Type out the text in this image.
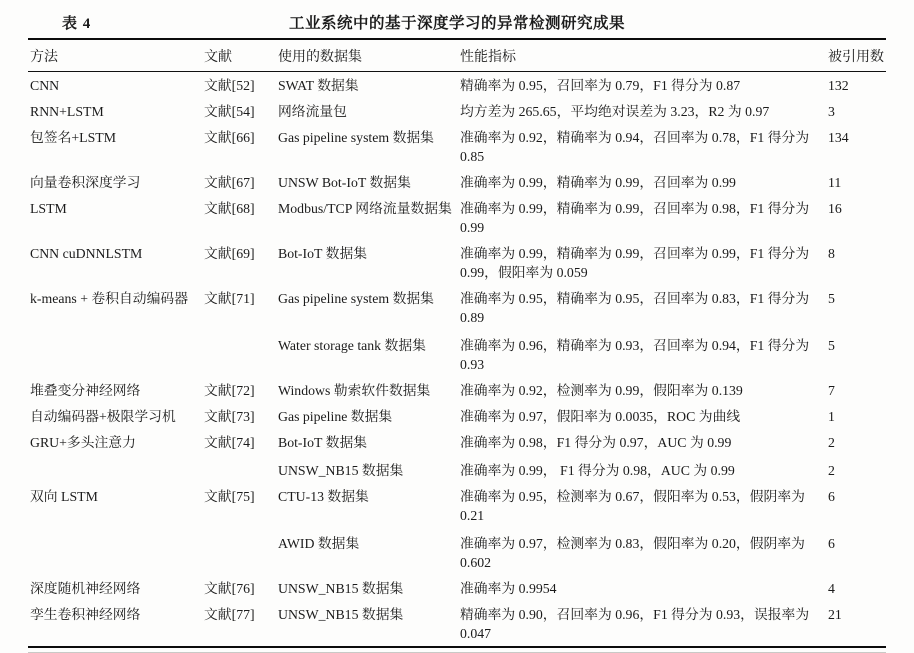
表 4	工业系统中的基于深度学习的异常检测研究成果
方法	文献	使用的数据集	性能指标	被引用数
CNN	文献[52]	SWAT 数据集	精确率为 0.95，召回率为 0.79，F1 得分为 0.87	132
RNN+LSTM	文献[54]	网络流量包	均方差为 265.65，平均绝对误差为 3.23，R2 为 0.97	3
包签名+LSTM	文献[66]	Gas pipeline system 数据集	准确率为 0.92，精确率为 0.94，召回率为 0.78，F1 得分为 0.85	134
向量卷积深度学习	文献[67]	UNSW Bot-IoT 数据集	准确率为 0.99，精确率为 0.99，召回率为 0.99	11
LSTM	文献[68]	Modbus/TCP 网络流量数据集	准确率为 0.99，精确率为 0.99，召回率为 0.98，F1 得分为 0.99	16
CNN cuDNNLSTM	文献[69]	Bot-IoT 数据集	准确率为 0.99，精确率为 0.99，召回率为 0.99，F1 得分为 0.99，假阳率为 0.059	8
k-means + 卷积自动编码器	文献[71]	Gas pipeline system 数据集	准确率为 0.95，精确率为 0.95，召回率为 0.83，F1 得分为 0.89	5
		Water storage tank 数据集	准确率为 0.96，精确率为 0.93，召回率为 0.94，F1 得分为 0.93	5
堆叠变分神经网络	文献[72]	Windows 勒索软件数据集	准确率为 0.92，检测率为 0.99，假阳率为 0.139	7
自动编码器+极限学习机	文献[73]	Gas pipeline 数据集	准确率为 0.97，假阳率为 0.0035，ROC 为曲线	1
GRU+多头注意力	文献[74]	Bot-IoT 数据集	准确率为 0.98，F1 得分为 0.97，AUC 为 0.99	2
		UNSW_NB15 数据集	准确率为 0.99， F1 得分为 0.98，AUC 为 0.99	2
双向 LSTM	文献[75]	CTU-13 数据集	准确率为 0.95，检测率为 0.67，假阳率为 0.53，假阴率为 0.21	6
		AWID 数据集	准确率为 0.97，检测率为 0.83，假阳率为 0.20，假阴率为 0.602	6
深度随机神经网络	文献[76]	UNSW_NB15 数据集	准确率为 0.9954	4
孪生卷积神经网络	文献[77]	UNSW_NB15 数据集	精确率为 0.90，召回率为 0.96，F1 得分为 0.93，误报率为 0.047	21
